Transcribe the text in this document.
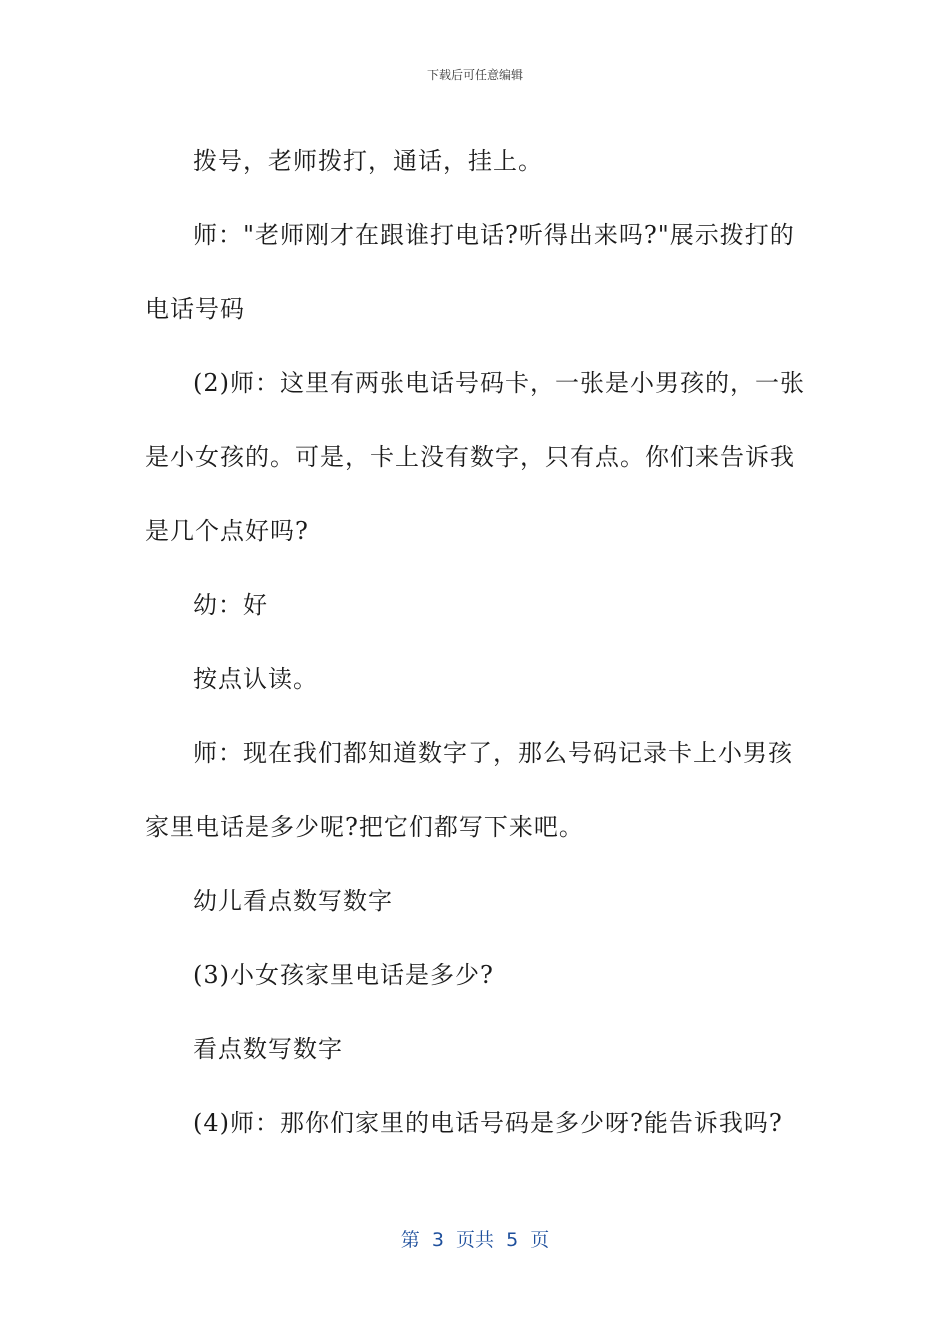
下载后可任意编辑

拨号，老师拨打，通话，挂上。

师："老师刚才在跟谁打电话?听得出来吗?"展示拨打的电话号码

(2)师：这里有两张电话号码卡，一张是小男孩的，一张是小女孩的。可是，卡上没有数字，只有点。你们来告诉我是几个点好吗?

幼：好

按点认读。

师：现在我们都知道数字了，那么号码记录卡上小男孩家里电话是多少呢?把它们都写下来吧。

幼儿看点数写数字

(3)小女孩家里电话是多少?

看点数写数字

(4)师：那你们家里的电话号码是多少呀?能告诉我吗?

第  3  页共  5  页
